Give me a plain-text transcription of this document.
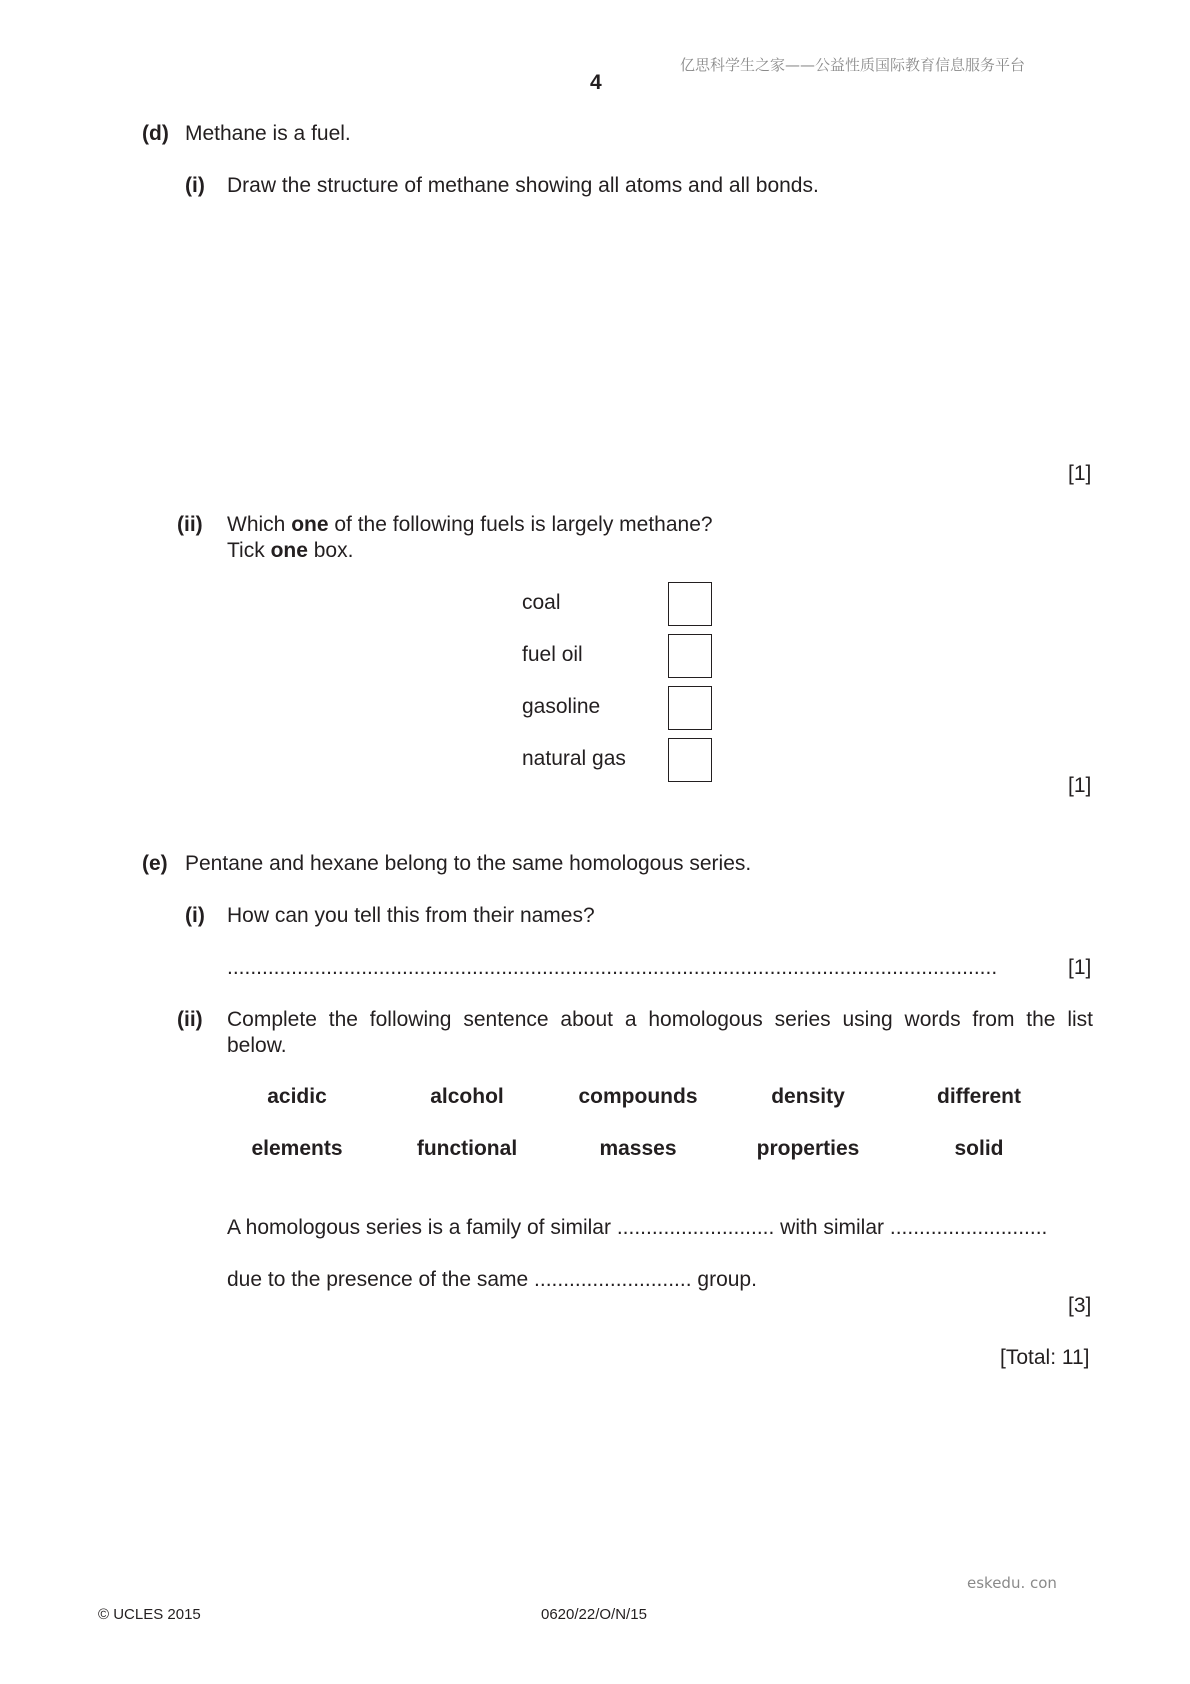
亿思科学生之家——公益性质国际教育信息服务平台
4
(d) Methane is a fuel.
(i) Draw the structure of methane showing all atoms and all bonds.
[1]
(ii) Which one of the following fuels is largely methane?
Tick one box.
coal
fuel oil
gasoline
natural gas
[1]
(e) Pentane and hexane belong to the same homologous series.
(i) How can you tell this from their names?
....................................................................................................................................	[1]
(ii) Complete the following sentence about a homologous series using words from the list
below.
acidic	alcohol	compounds	density	different
elements	functional	masses	properties	solid
A homologous series is a family of similar ........................... with similar ...........................
due to the presence of the same ........................... group.
[3]
[Total: 11]
eskedu. con
© UCLES 2015	0620/22/O/N/15
